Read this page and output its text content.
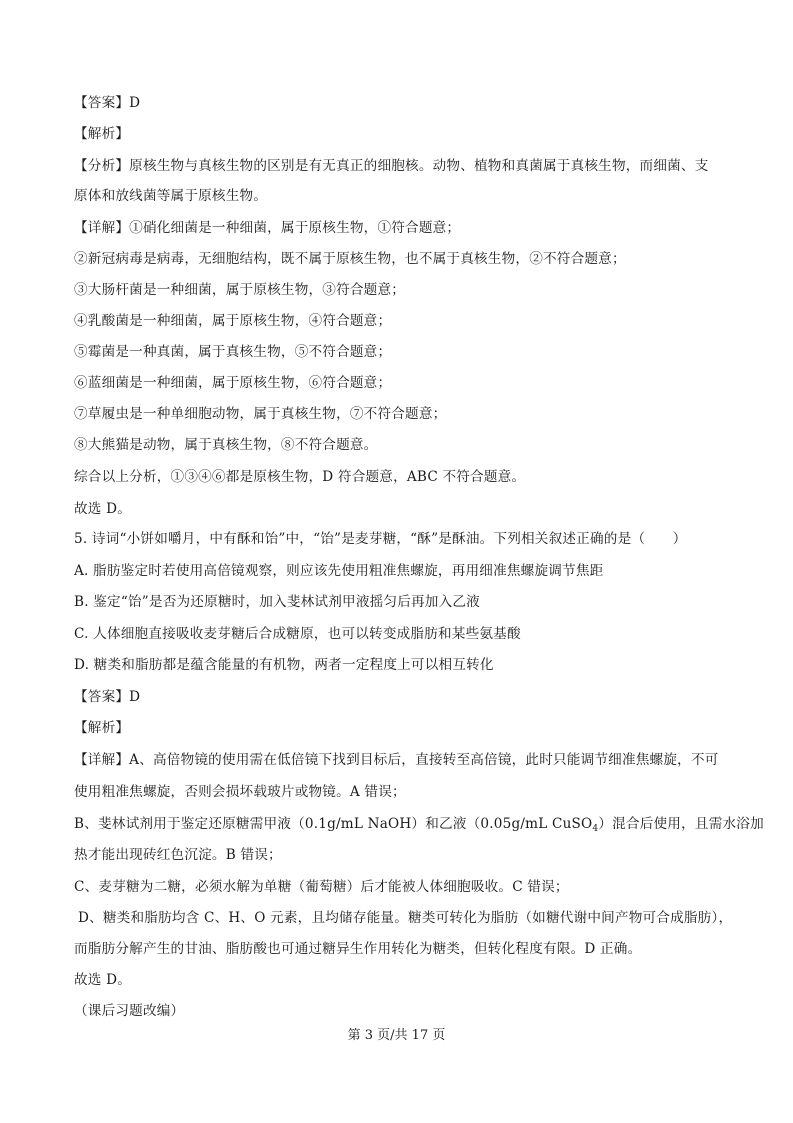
【答案】D
【解析】
【分析】原核生物与真核生物的区别是有无真正的细胞核。动物、植物和真菌属于真核生物，而细菌、支
原体和放线菌等属于原核生物。
【详解】①硝化细菌是一种细菌，属于原核生物，①符合题意；
②新冠病毒是病毒，无细胞结构，既不属于原核生物，也不属于真核生物，②不符合题意；
③大肠杆菌是一种细菌，属于原核生物，③符合题意；
④乳酸菌是一种细菌，属于原核生物，④符合题意；
⑤霉菌是一种真菌，属于真核生物，⑤不符合题意；
⑥蓝细菌是一种细菌，属于原核生物，⑥符合题意；
⑦草履虫是一种单细胞动物，属于真核生物，⑦不符合题意；
⑧大熊猫是动物，属于真核生物，⑧不符合题意。
综合以上分析，①③④⑥都是原核生物，D 符合题意，ABC 不符合题意。
故选 D。
5. 诗词“小饼如嚼月，中有酥和饴”中，“饴”是麦芽糖，“酥”是酥油。下列相关叙述正确的是（　　）
A. 脂肪鉴定时若使用高倍镜观察，则应该先使用粗准焦螺旋，再用细准焦螺旋调节焦距
B. 鉴定“饴”是否为还原糖时，加入斐林试剂甲液摇匀后再加入乙液
C. 人体细胞直接吸收麦芽糖后合成糖原，也可以转变成脂肪和某些氨基酸
D. 糖类和脂肪都是蕴含能量的有机物，两者一定程度上可以相互转化
【答案】D
【解析】
【详解】A、高倍物镜的使用需在低倍镜下找到目标后，直接转至高倍镜，此时只能调节细准焦螺旋，不可
使用粗准焦螺旋，否则会损坏载玻片或物镜。A 错误；
B、斐林试剂用于鉴定还原糖需甲液（0.1g/mL NaOH）和乙液（0.05g/mL CuSO$_4$）混合后使用，且需水浴加
热才能出现砖红色沉淀。B 错误；
C、麦芽糖为二糖，必须水解为单糖（葡萄糖）后才能被人体细胞吸收。C 错误；
D、糖类和脂肪均含 C、H、O 元素，且均储存能量。糖类可转化为脂肪（如糖代谢中间产物可合成脂肪），
而脂肪分解产生的甘油、脂肪酸也可通过糖异生作用转化为糖类，但转化程度有限。D 正确。
故选 D。
（课后习题改编）
第 3 页/共 17 页
